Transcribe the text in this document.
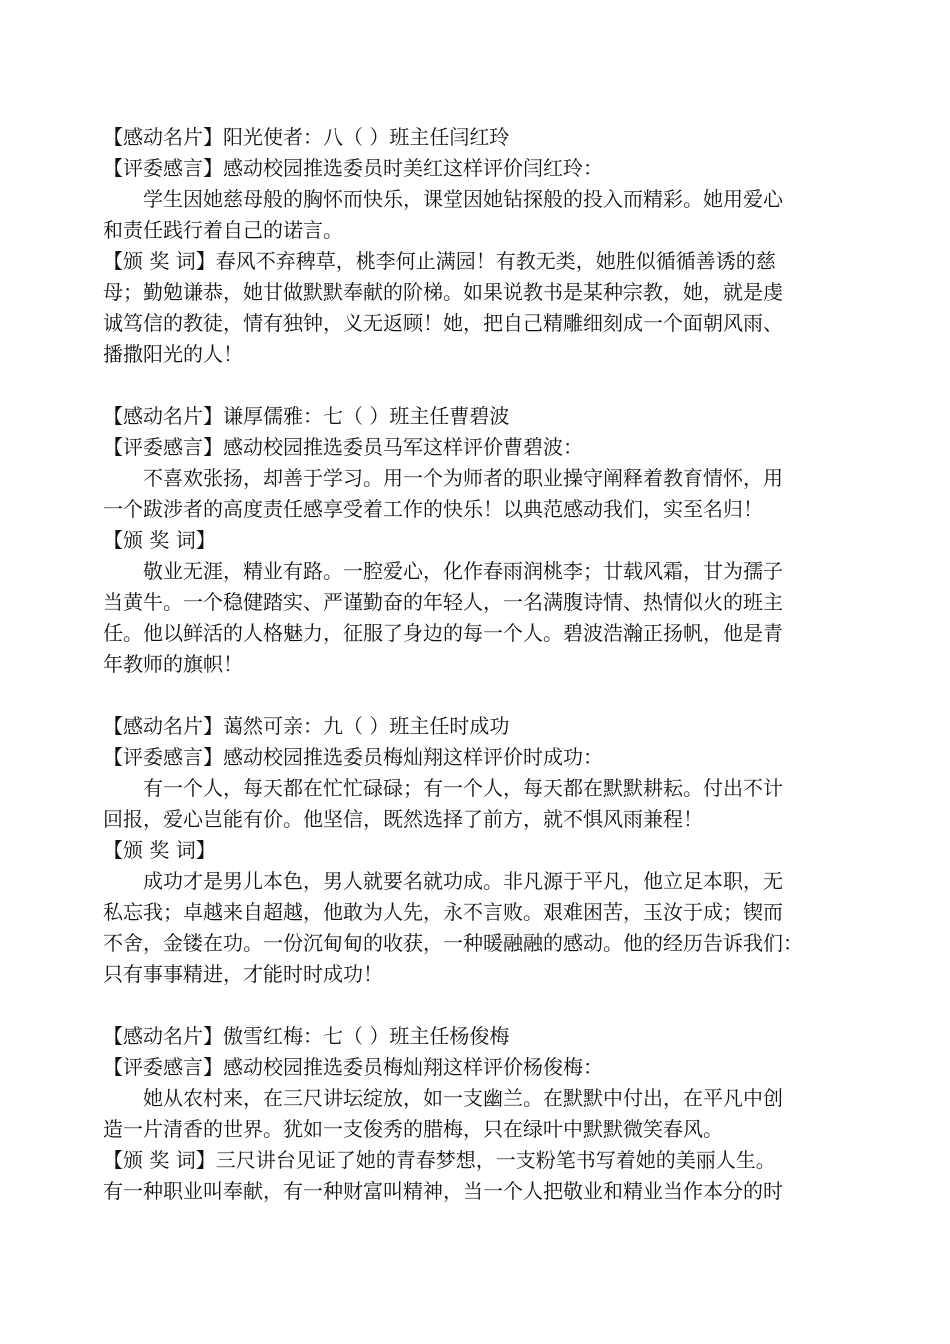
【感动名片】阳光使者：八（ ）班主任闫红玲
【评委感言】感动校园推选委员时美红这样评价闫红玲：
学生因她慈母般的胸怀而快乐，课堂因她钻探般的投入而精彩。她用爱心
和责任践行着自己的诺言。
【颁 奖 词】春风不弃稗草，桃李何止满园！有教无类，她胜似循循善诱的慈
母；勤勉谦恭，她甘做默默奉献的阶梯。如果说教书是某种宗教，她，就是虔
诚笃信的教徒，情有独钟，义无返顾！她，把自己精雕细刻成一个面朝风雨、
播撒阳光的人！
【感动名片】谦厚儒雅：七（ ）班主任曹碧波
【评委感言】感动校园推选委员马军这样评价曹碧波：
不喜欢张扬，却善于学习。用一个为师者的职业操守阐释着教育情怀，用
一个跋涉者的高度责任感享受着工作的快乐！以典范感动我们，实至名归！
【颁 奖 词】
敬业无涯，精业有路。一腔爱心，化作春雨润桃李；廿载风霜，甘为孺子
当黄牛。一个稳健踏实、严谨勤奋的年轻人，一名满腹诗情、热情似火的班主
任。他以鲜活的人格魅力，征服了身边的每一个人。碧波浩瀚正扬帆，他是青
年教师的旗帜！
【感动名片】蔼然可亲：九（ ）班主任时成功
【评委感言】感动校园推选委员梅灿翔这样评价时成功：
有一个人，每天都在忙忙碌碌；有一个人，每天都在默默耕耘。付出不计
回报，爱心岂能有价。他坚信，既然选择了前方，就不惧风雨兼程！
【颁 奖 词】
成功才是男儿本色，男人就要名就功成。非凡源于平凡，他立足本职，无
私忘我；卓越来自超越，他敢为人先，永不言败。艰难困苦，玉汝于成；锲而
不舍，金镂在功。一份沉甸甸的收获，一种暖融融的感动。他的经历告诉我们：
只有事事精进，才能时时成功！
【感动名片】傲雪红梅：七（ ）班主任杨俊梅
【评委感言】感动校园推选委员梅灿翔这样评价杨俊梅：
她从农村来，在三尺讲坛绽放，如一支幽兰。在默默中付出，在平凡中创
造一片清香的世界。犹如一支俊秀的腊梅，只在绿叶中默默微笑春风。
【颁 奖 词】三尺讲台见证了她的青春梦想，一支粉笔书写着她的美丽人生。
有一种职业叫奉献，有一种财富叫精神，当一个人把敬业和精业当作本分的时
